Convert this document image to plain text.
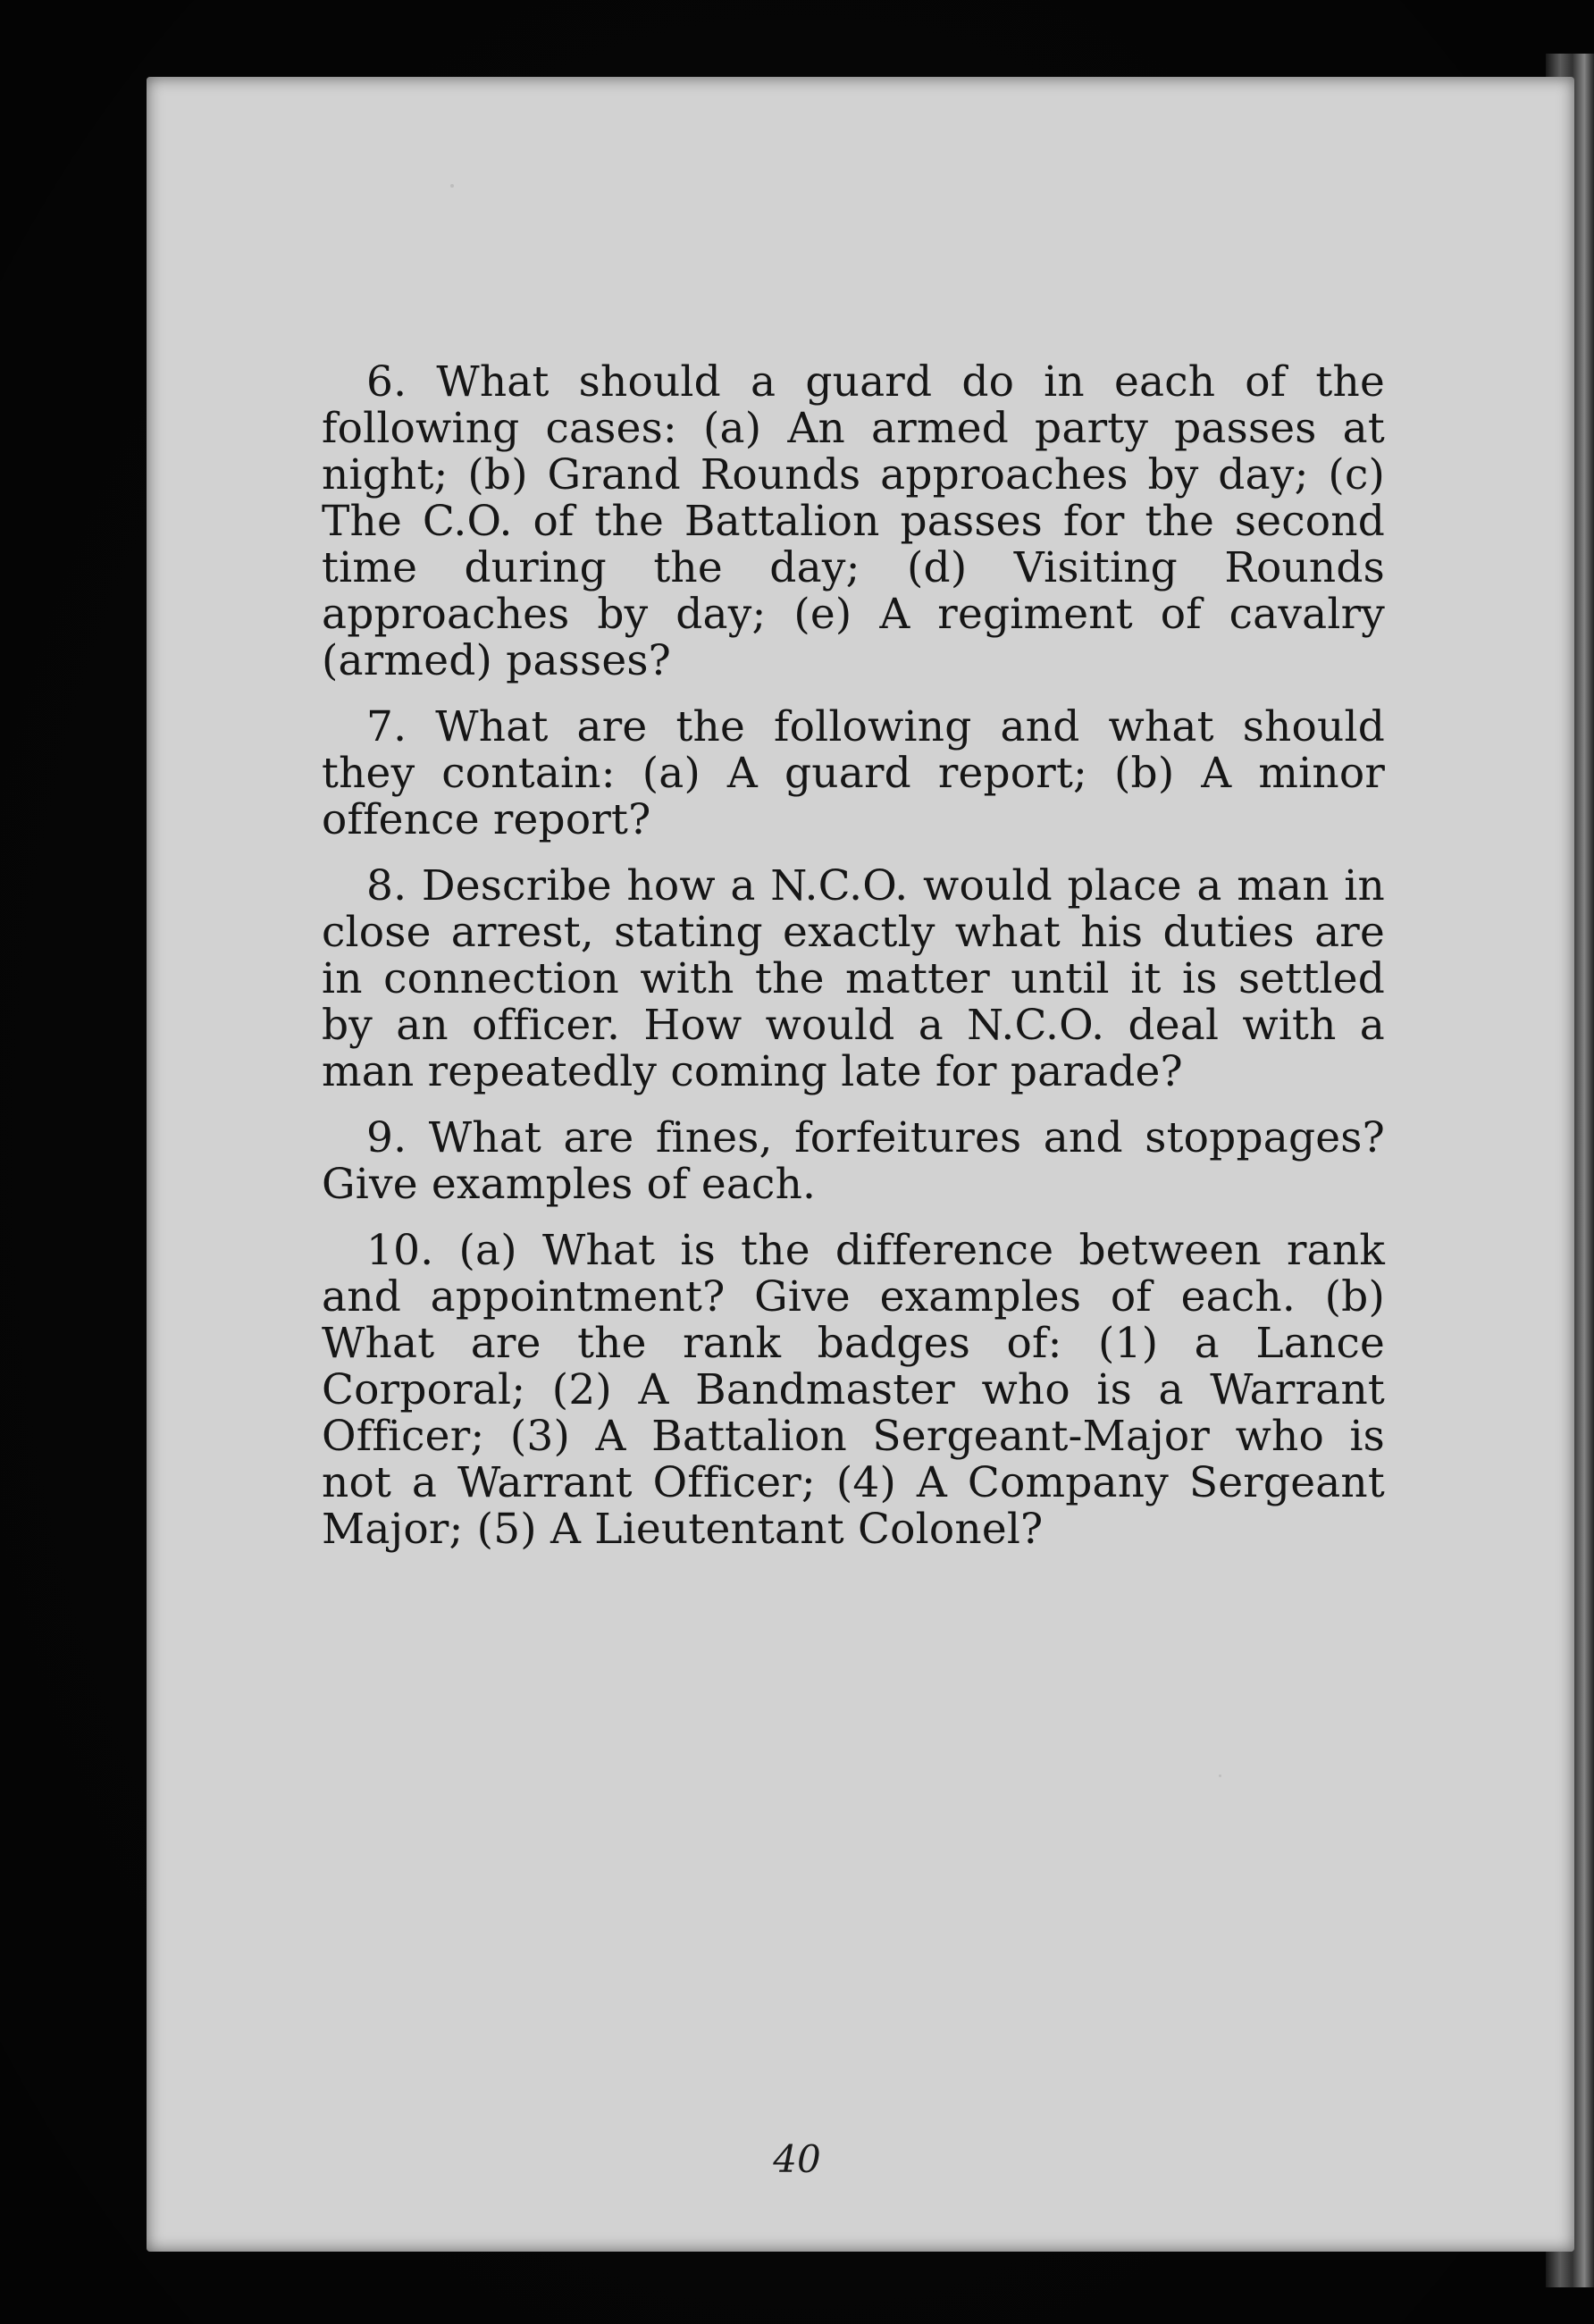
6. What should a guard do in each of the following cases: (a) An armed party passes at night; (b) Grand Rounds approaches by day; (c) The C.O. of the Battalion passes for the second time during the day; (d) Visiting Rounds approaches by day; (e) A regiment of cavalry (armed) passes?

7. What are the following and what should they contain: (a) A guard report; (b) A minor offence report?

8. Describe how a N.C.O. would place a man in close arrest, stating exactly what his duties are in connection with the matter until it is settled by an officer. How would a N.C.O. deal with a man repeatedly coming late for parade?

9. What are fines, forfeitures and stoppages? Give examples of each.

10. (a) What is the difference between rank and appointment? Give examples of each. (b) What are the rank badges of: (1) a Lance Corporal; (2) A Bandmaster who is a Warrant Officer; (3) A Battalion Sergeant-Major who is not a Warrant Officer; (4) A Company Sergeant Major; (5) A Lieutentant Colonel?

40
